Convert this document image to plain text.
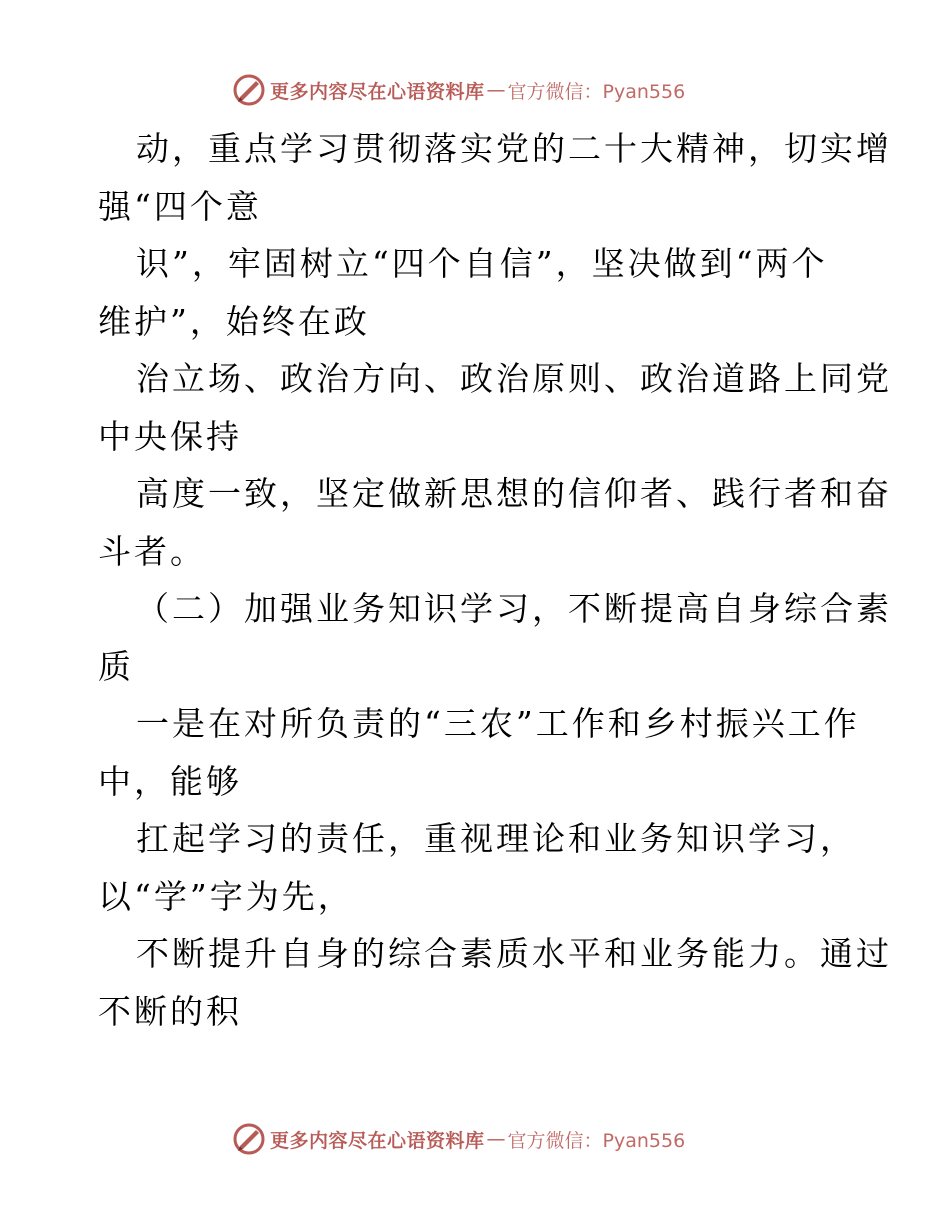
更多内容尽在心语资料库 — 官方微信：Pyan556
动，重点学习贯彻落实党的二十大精神，切实增
强“四个意
识”，牢固树立“四个自信”，坚决做到“两个
维护”，始终在政
治立场、政治方向、政治原则、政治道路上同党
中央保持
高度一致，坚定做新思想的信仰者、践行者和奋
斗者。
（二）加强业务知识学习，不断提高自身综合素
质
一是在对所负责的“三农”工作和乡村振兴工作
中，能够
扛起学习的责任，重视理论和业务知识学习，
以“学”字为先，
不断提升自身的综合素质水平和业务能力。通过
不断的积
更多内容尽在心语资料库 — 官方微信：Pyan556
